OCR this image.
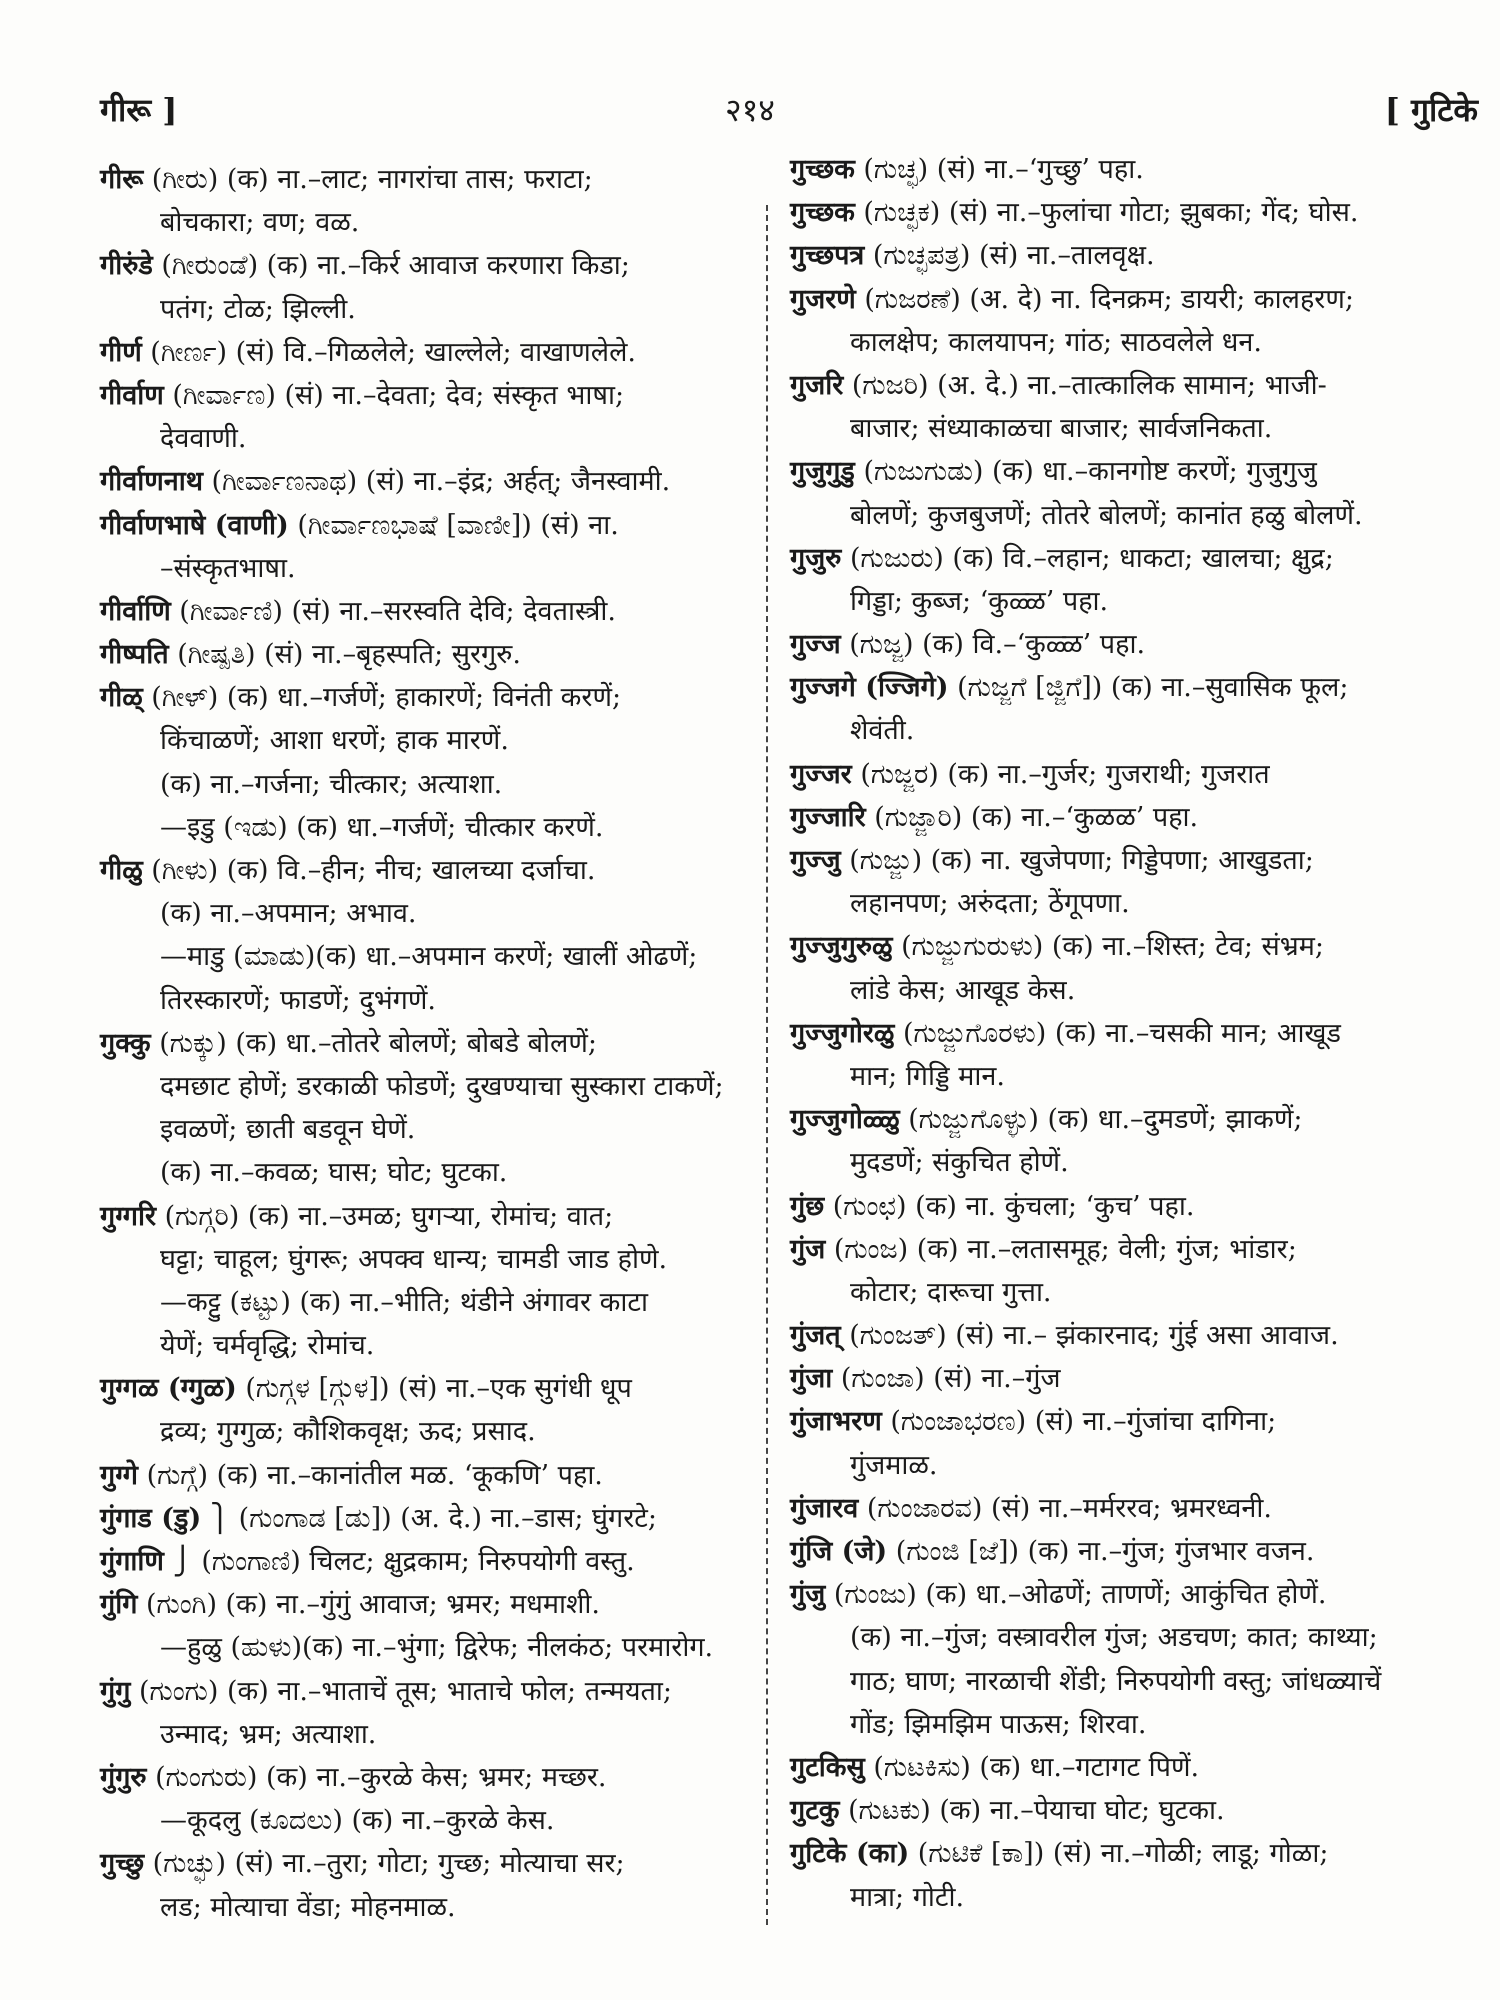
गीरू ]	२१४	[ गुटिके
गीरू (ಗೀರು) (क) ना.–लाट; नागरांचा तास; फराटा;
बोचकारा; वण; वळ.
गीरुंडे (ಗೀರುಂಡೆ) (क) ना.–किर्र आवाज करणारा किडा;
पतंग; टोळ; झिल्ली.
गीर्ण (ಗೀರ್ಣ) (सं) वि.–गिळलेले; खाल्लेले; वाखाणलेले.
गीर्वाण (ಗೀರ್ವಾಣ) (सं) ना.–देवता; देव; संस्कृत भाषा;
देववाणी.
गीर्वाणनाथ (ಗೀರ್ವಾಣನಾಥ) (सं) ना.–इंद्र; अर्हत्; जैनस्वामी.
गीर्वाणभाषे (वाणी) (ಗೀರ್ವಾಣಭಾಷೆ [ವಾಣೀ]) (सं) ना.
–संस्कृतभाषा.
गीर्वाणि (ಗೀರ್ವಾಣಿ) (सं) ना.–सरस्वति देवि; देवतास्त्री.
गीष्पति (ಗೀಷ್ಪತಿ) (सं) ना.–बृहस्पति; सुरगुरु.
गीळ् (ಗೀಳ್) (क) धा.–गर्जणें; हाकारणें; विनंती करणें;
किंचाळणें; आशा धरणें; हाक मारणें.
(क) ना.–गर्जना; चीत्कार; अत्याशा.
—इडु (ಇಡು) (क) धा.–गर्जणें; चीत्कार करणें.
गीळु (ಗೀಳು) (क) वि.–हीन; नीच; खालच्या दर्जाचा.
(क) ना.–अपमान; अभाव.
—माडु (ಮಾಡು)(क) धा.–अपमान करणें; खालीं ओढणें;
तिरस्कारणें; फाडणें; दुभंगणें.
गुक्कु (ಗುಕ್ಕು) (क) धा.–तोतरे बोलणें; बोबडे बोलणें;
दमछाट होणें; डरकाळी फोडणें; दुखण्याचा सुस्कारा टाकणें;
इवळणें; छाती बडवून घेणें.
(क) ना.–कवळ; घास; घोट; घुटका.
गुग्गरि (ಗುಗ್ಗರಿ) (क) ना.–उमळ; घुगऱ्या, रोमांच; वात;
घट्टा; चाहूल; घुंगरू; अपक्व धान्य; चामडी जाड होणे.
—कट्टु (ಕಟ್ಟು) (क) ना.–भीति; थंडीने अंगावर काटा
येणें; चर्मवृद्धि; रोमांच.
गुग्गळ (ग्गुळ) (ಗುಗ್ಗಳ [ಗ್ಗುಳ]) (सं) ना.–एक सुगंधी धूप
द्रव्य; गुग्गुळ; कौशिकवृक्ष; ऊद; प्रसाद.
गुग्गे (ಗುಗ್ಗೆ) (क) ना.–कानांतील मळ. ‘कूकणि’ पहा.
गुंगाड (डु) ⎫ (ಗುಂಗಾಡ [ಡು]) (अ. दे.) ना.–डास; घुंगरटे;
गुंगाणि ⎭ (ಗುಂಗಾಣಿ) चिलट; क्षुद्रकाम; निरुपयोगी वस्तु.
गुंगि (ಗುಂಗಿ) (क) ना.–गुंगुं आवाज; भ्रमर; मधमाशी.
—हुळु (ಹುಳು)(क) ना.–भुंगा; द्विरेफ; नीलकंठ; परमारोग.
गुंगु (ಗುಂಗು) (क) ना.–भाताचें तूस; भाताचे फोल; तन्मयता;
उन्माद; भ्रम; अत्याशा.
गुंगुरु (ಗುಂಗುರು) (क) ना.–कुरळे केस; भ्रमर; मच्छर.
—कूदलु (ಕೂದಲು) (क) ना.–कुरळे केस.
गुच्छु (ಗುಚ್ಛು) (सं) ना.–तुरा; गोटा; गुच्छ; मोत्याचा सर;
लड; मोत्याचा वेंडा; मोहनमाळ.
गुच्छक (ಗುಚ್ಛ) (सं) ना.–‘गुच्छु’ पहा.
गुच्छक (ಗುಚ್ಛಕ) (सं) ना.–फुलांचा गोटा; झुबका; गेंद; घोस.
गुच्छपत्र (ಗುಚ್ಛಪತ್ರ) (सं) ना.–तालवृक्ष.
गुजरणे (ಗುಜರಣೆ) (अ. दे) ना. दिनक्रम; डायरी; कालहरण;
कालक्षेप; कालयापन; गांठ; साठवलेले धन.
गुजरि (ಗುಜರಿ) (अ. दे.) ना.–तात्कालिक सामान; भाजी-
बाजार; संध्याकाळचा बाजार; सार्वजनिकता.
गुजुगुडु (ಗುಜುಗುಡು) (क) धा.–कानगोष्ट करणें; गुजुगुजु
बोलणें; कुजबुजणें; तोतरे बोलणें; कानांत हळु बोलणें.
गुजुरु (ಗುಜುರು) (क) वि.–लहान; धाकटा; खालचा; क्षुद्र;
गिड्डा; कुब्ज; ‘कुळ्ळ’ पहा.
गुज्ज (ಗುಜ್ಜ) (क) वि.–‘कुळ्ळ’ पहा.
गुज्जगे (ज्जिगे) (ಗುಜ್ಜಗೆ [ಜ್ಜಿಗೆ]) (क) ना.–सुवासिक फूल;
शेवंती.
गुज्जर (ಗುಜ್ಜರ) (क) ना.–गुर्जर; गुजराथी; गुजरात
गुज्जारि (ಗುಜ್ಜಾರಿ) (क) ना.–‘कुळळ’ पहा.
गुज्जु (ಗುಜ್ಜು) (क) ना. खुजेपणा; गिड्डेपणा; आखुडता;
लहानपण; अरुंदता; ठेंगूपणा.
गुज्जुगुरुळु (ಗುಜ್ಜುಗುರುಳು) (क) ना.–शिस्त; टेव; संभ्रम;
लांडे केस; आखूड केस.
गुज्जुगोरळु (ಗುಜ್ಜುಗೊರಳು) (क) ना.–चसकी मान; आखूड
मान; गिड्डि मान.
गुज्जुगोळ्ळु (ಗುಜ್ಜುಗೊಳ್ಳು) (क) धा.–दुमडणें; झाकणें;
मुदडणें; संकुचित होणें.
गुंछ (ಗುಂಛ) (क) ना. कुंचला; ‘कुच’ पहा.
गुंज (ಗುಂಜ) (क) ना.–लतासमूह; वेली; गुंज; भांडार;
कोटार; दारूचा गुत्ता.
गुंजत् (ಗುಂಜತ್) (सं) ना.– झंकारनाद; गुंई असा आवाज.
गुंजा (ಗುಂಜಾ) (सं) ना.–गुंज
गुंजाभरण (ಗುಂಜಾಭರಣ) (सं) ना.–गुंजांचा दागिना;
गुंजमाळ.
गुंजारव (ಗುಂಜಾರವ) (सं) ना.–मर्मररव; भ्रमरध्वनी.
गुंजि (जे) (ಗುಂಜಿ [ಜೆ]) (क) ना.–गुंज; गुंजभार वजन.
गुंजु (ಗುಂಜು) (क) धा.–ओढणें; ताणणें; आकुंचित होणें.
(क) ना.–गुंज; वस्त्रावरील गुंज; अडचण; कात; काथ्या;
गाठ; घाण; नारळाची शेंडी; निरुपयोगी वस्तु; जांधळ्याचें
गोंड; झिमझिम पाऊस; शिरवा.
गुटकिसु (ಗುಟಕಿಸು) (क) धा.–गटागट पिणें.
गुटकु (ಗುಟಕು) (क) ना.–पेयाचा घोट; घुटका.
गुटिके (का) (ಗುಟಿಕೆ [ಕಾ]) (सं) ना.–गोळी; लाडू; गोळा;
मात्रा; गोटी.
